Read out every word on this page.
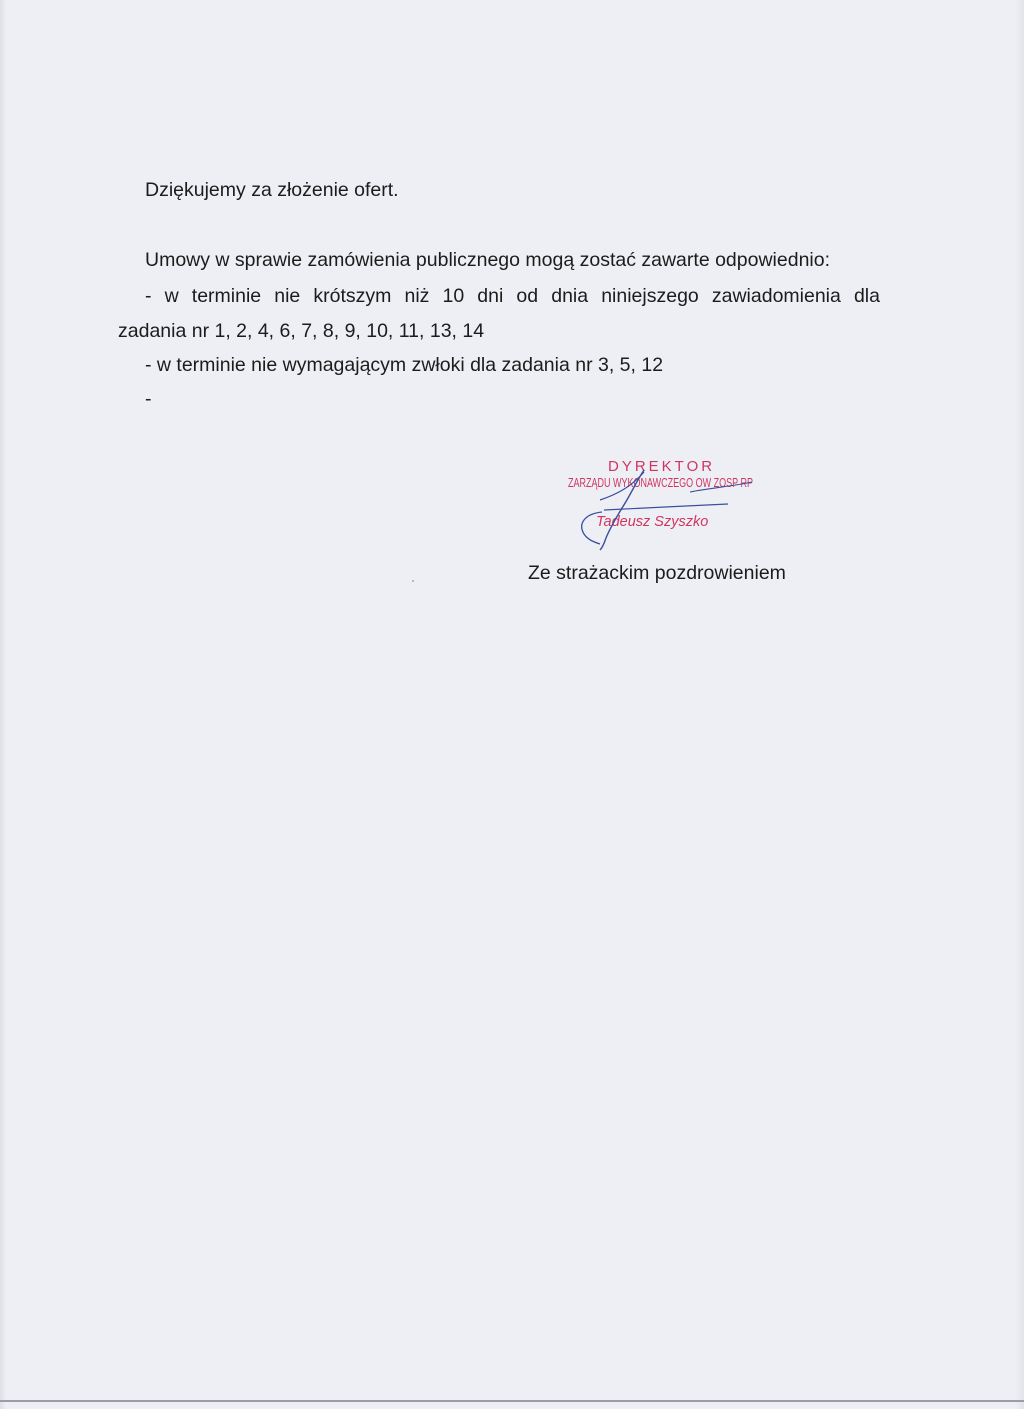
Dziękujemy za złożenie ofert.
Umowy w sprawie zamówienia publicznego mogą zostać zawarte odpowiednio:
- w terminie nie krótszym niż 10 dni od dnia niniejszego zawiadomienia dla
zadania nr 1, 2, 4, 6, 7, 8, 9, 10, 11, 13, 14
- w terminie nie wymagającym zwłoki dla zadania nr 3, 5, 12
-
DYREKTOR
ZARZĄDU WYKONAWCZEGO OW ZOSP RP
Tadeusz Szyszko
Ze strażackim pozdrowieniem
